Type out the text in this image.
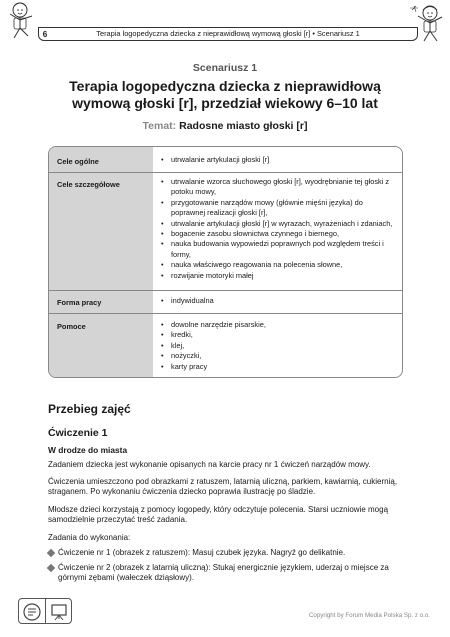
6	Terapia logopedyczna dziecka z nieprawidłową wymową głoski [r] • Scenariusz 1
Scenariusz 1
Terapia logopedyczna dziecka z nieprawidłową
wymową głoski [r], przedział wiekowy 6–10 lat
Temat: Radosne miasto głoski [r]
Cele ogólne	• utrwalanie artykulacji głoski [r]
Cele szczegółowe	• utrwalanie wzorca słuchowego głoski [r], wyodrębnianie tej głoski z potoku mowy,
• przygotowanie narządów mowy (głównie mięśni języka) do poprawnej realizacji głoski [r],
• utrwalanie artykulacji głoski [r] w wyrazach, wyrażeniach i zdaniach,
• bogacenie zasobu słownictwa czynnego i biernego,
• nauka budowania wypowiedzi poprawnych pod względem treści i formy,
• nauka właściwego reagowania na polecenia słowne,
• rozwijanie motoryki małej
Forma pracy	• indywidualna
Pomoce	• dowolne narzędzie pisarskie,
• kredki,
• klej,
• nożyczki,
• karty pracy
Przebieg zajęć
Ćwiczenie 1
W drodze do miasta
Zadaniem dziecka jest wykonanie opisanych na karcie pracy nr 1 ćwiczeń narządów mowy.
Ćwiczenia umieszczono pod obrazkami z ratuszem, latarnią uliczną, parkiem, kawiarnią, cukiernią, straganem. Po wykonaniu ćwiczenia dziecko poprawia ilustrację po śladzie.
Młodsze dzieci korzystają z pomocy logopedy, który odczytuje polecenia. Starsi uczniowie mogą samodzielnie przeczytać treść zadania.
Zadania do wykonania:
Ćwiczenie nr 1 (obrazek z ratuszem): Masuj czubek języka. Nagryź go delikatnie.
Ćwiczenie nr 2 (obrazek z latarnią uliczną): Stukaj energicznie językiem, uderzaj o miejsce za górnymi zębami (wałeczek dziąsłowy).
Copyright by Forum Media Polska Sp. z o.o.
